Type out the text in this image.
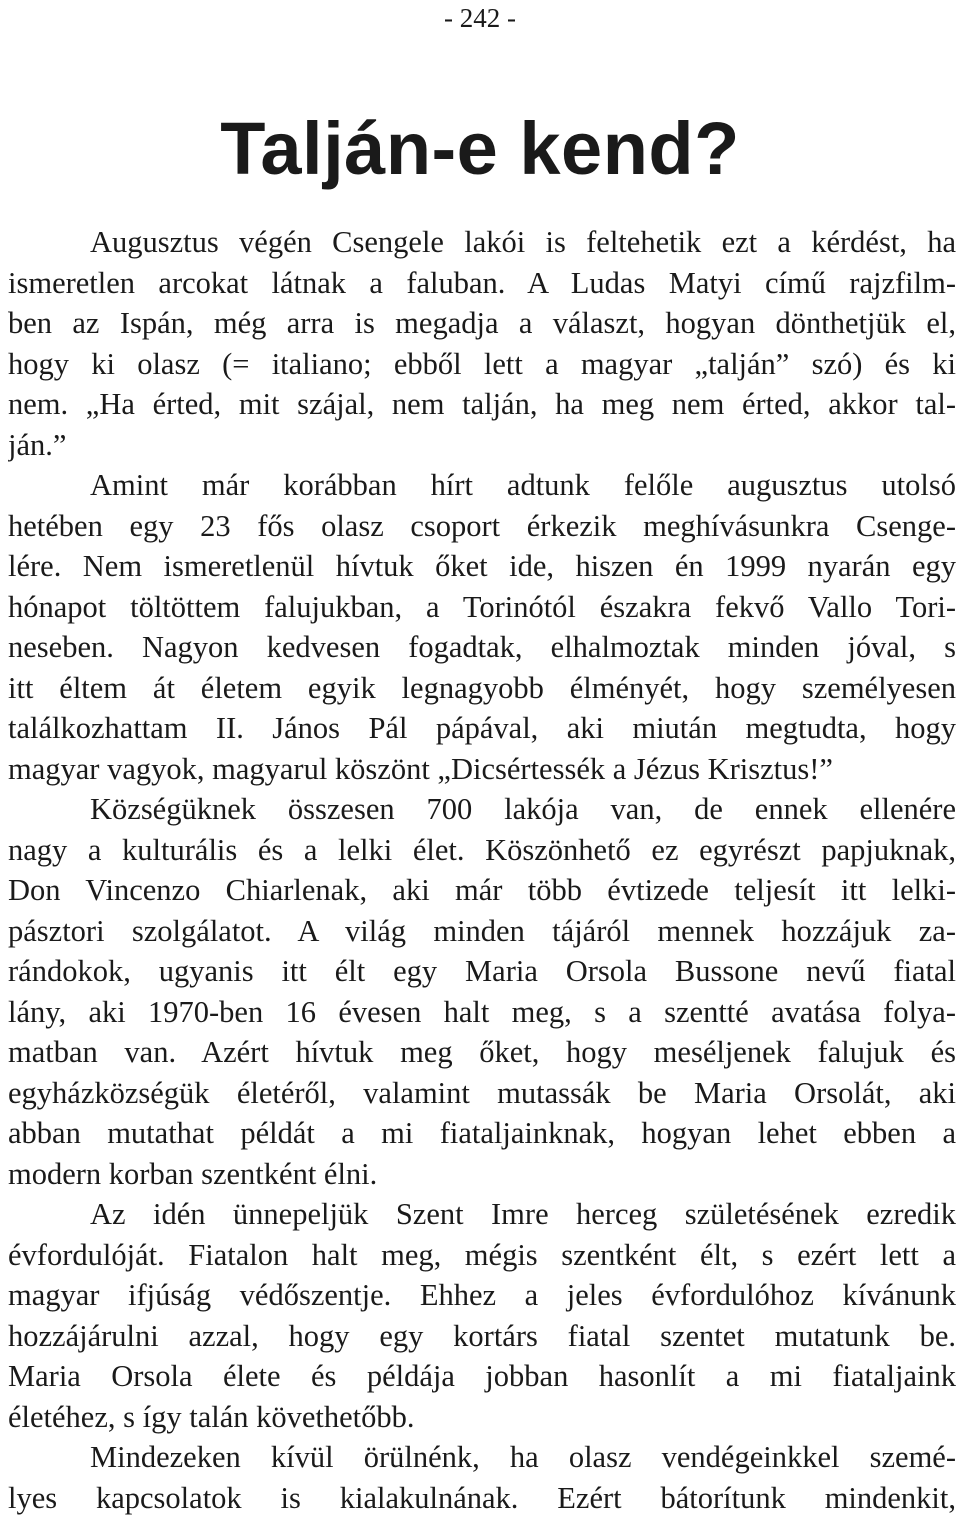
- 242 -
Talján-e kend?
Augusztus végén Csengele lakói is feltehetik ezt a kérdést, ha
ismeretlen arcokat látnak a faluban. A Ludas Matyi című rajzfilm-
ben az Ispán, még arra is megadja a választ, hogyan dönthetjük el,
hogy ki olasz (= italiano; ebből lett a magyar „talján” szó) és ki
nem. „Ha érted, mit szájal, nem talján, ha meg nem érted, akkor tal-
ján.”
Amint már korábban hírt adtunk felőle augusztus utolsó
hetében egy 23 fős olasz csoport érkezik meghívásunkra Csenge-
lére. Nem ismeretlenül hívtuk őket ide, hiszen én 1999 nyarán egy
hónapot töltöttem falujukban, a Torinótól északra fekvő Vallo Tori-
neseben. Nagyon kedvesen fogadtak, elhalmoztak minden jóval, s
itt éltem át életem egyik legnagyobb élményét, hogy személyesen
találkozhattam II. János Pál pápával, aki miután megtudta, hogy
magyar vagyok, magyarul köszönt „Dicsértessék a Jézus Krisztus!”
Községüknek összesen 700 lakója van, de ennek ellenére
nagy a kulturális és a lelki élet. Köszönhető ez egyrészt papjuknak,
Don Vincenzo Chiarlenak, aki már több évtizede teljesít itt lelki-
pásztori szolgálatot. A világ minden tájáról mennek hozzájuk za-
rándokok, ugyanis itt élt egy Maria Orsola Bussone nevű fiatal
lány, aki 1970-ben 16 évesen halt meg, s a szentté avatása folya-
matban van. Azért hívtuk meg őket, hogy meséljenek falujuk és
egyházközségük életéről, valamint mutassák be Maria Orsolát, aki
abban mutathat példát a mi fiataljainknak, hogyan lehet ebben a
modern korban szentként élni.
Az idén ünnepeljük Szent Imre herceg születésének ezredik
évfordulóját. Fiatalon halt meg, mégis szentként élt, s ezért lett a
magyar ifjúság védőszentje. Ehhez a jeles évfordulóhoz kívánunk
hozzájárulni azzal, hogy egy kortárs fiatal szentet mutatunk be.
Maria Orsola élete és példája jobban hasonlít a mi fiataljaink
életéhez, s így talán követhetőbb.
Mindezeken kívül örülnénk, ha olasz vendégeinkkel szemé-
lyes kapcsolatok is kialakulnának. Ezért bátorítunk mindenkit,
